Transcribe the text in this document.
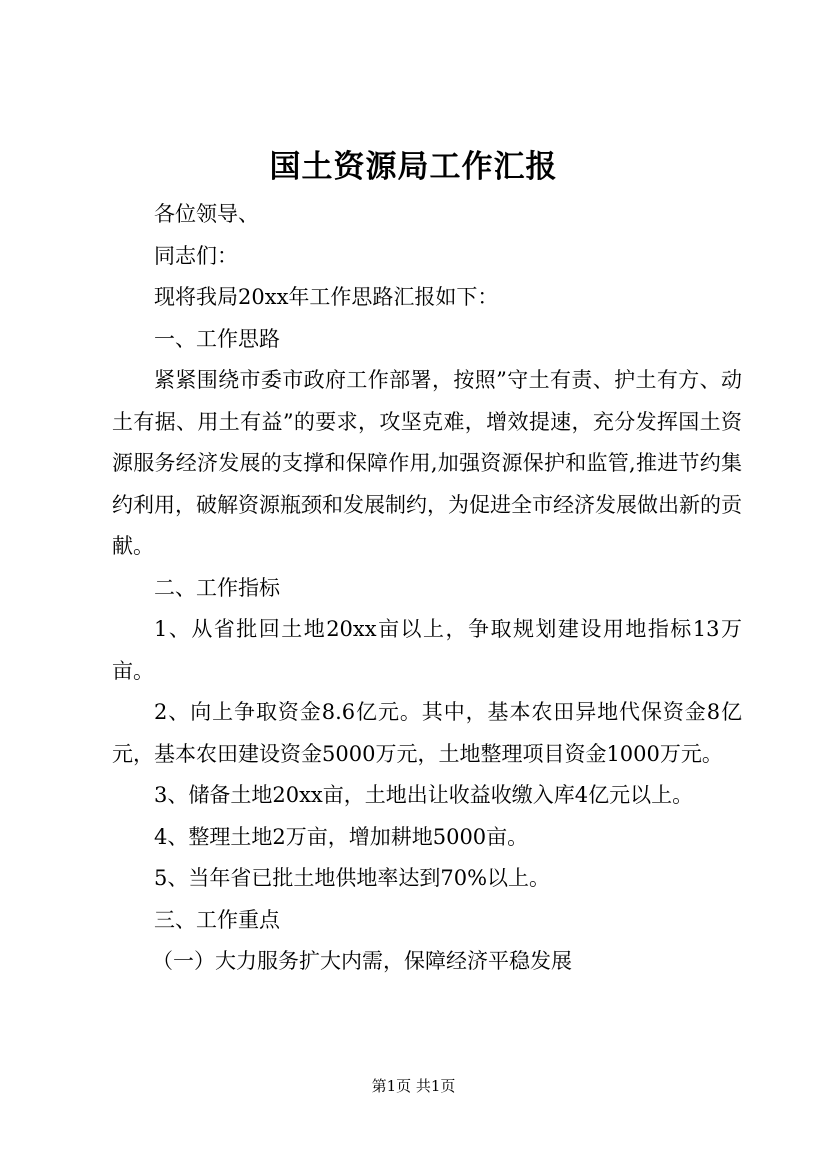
国土资源局工作汇报

各位领导、

同志们：

现将我局20xx年工作思路汇报如下：

一、工作思路

紧紧围绕市委市政府工作部署，按照”守土有责、护土有方、动土有据、用土有益”的要求，攻坚克难，增效提速，充分发挥国土资源服务经济发展的支撑和保障作用,加强资源保护和监管,推进节约集约利用，破解资源瓶颈和发展制约，为促进全市经济发展做出新的贡献。

二、工作指标

1、从省批回土地20xx亩以上，争取规划建设用地指标13万亩。

2、向上争取资金8.6亿元。其中，基本农田异地代保资金8亿元，基本农田建设资金5000万元，土地整理项目资金1000万元。

3、储备土地20xx亩，土地出让收益收缴入库4亿元以上。

4、整理土地2万亩，增加耕地5000亩。

5、当年省已批土地供地率达到70%以上。

三、工作重点

（一）大力服务扩大内需，保障经济平稳发展

第1页 共1页
